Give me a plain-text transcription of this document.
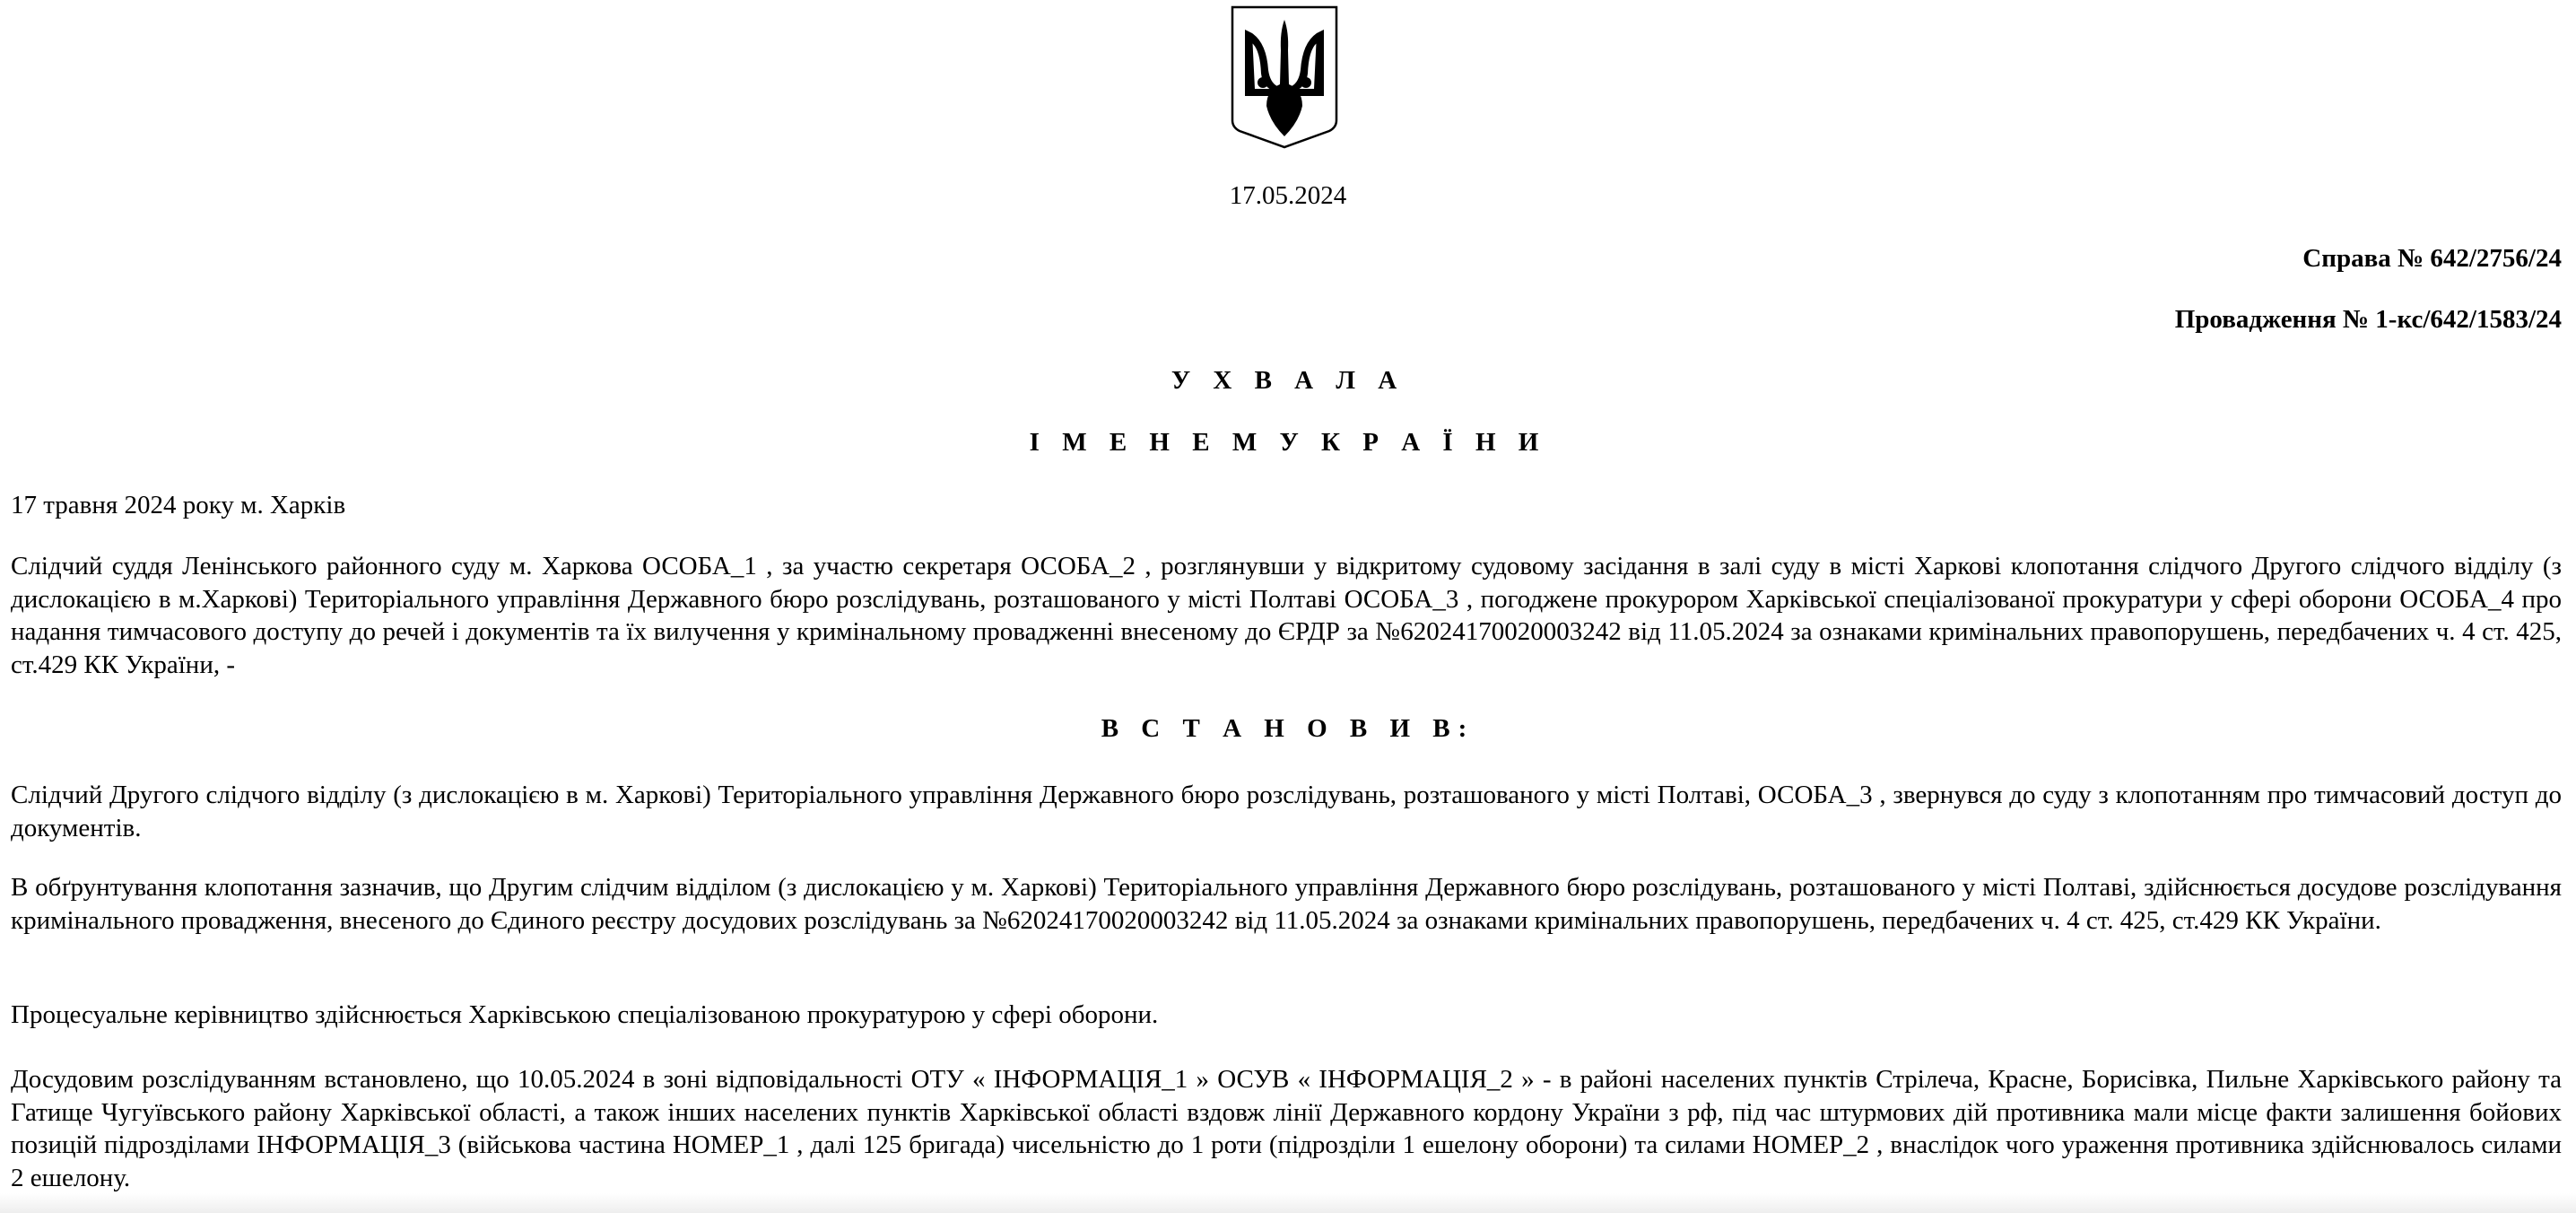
17.05.2024
Справа № 642/2756/24
Провадження № 1-кс/642/1583/24
У Х В А Л А
І М Е Н Е М У К Р А Ї Н И
17 травня 2024 року м. Харків

Слідчий суддя Ленінського районного суду м. Харкова ОСОБА_1 , за участю секретаря ОСОБА_2 , розглянувши у відкритому судовому засідання в залі суду в місті Харкові клопотання слідчого Другого слідчого відділу (з дислокацією в м.Харкові) Територіального управління Державного бюро розслідувань, розташованого у місті Полтаві ОСОБА_3 , погоджене прокурором Харківської спеціалізованої прокуратури у сфері оборони ОСОБА_4 про надання тимчасового доступу до речей і документів та їх вилучення у кримінальному провадженні внесеному до ЄРДР за №62024170020003242 від 11.05.2024 за ознаками кримінальних правопорушень, передбачених ч. 4 ст. 425, ст.429 КК України, -

В С Т А Н О В И В:

Слідчий Другого слідчого відділу (з дислокацією в м. Харкові) Територіального управління Державного бюро розслідувань, розташованого у місті Полтаві, ОСОБА_3 , звернувся до суду з клопотанням про тимчасовий доступ до документів.

В обґрунтування клопотання зазначив, що Другим слідчим відділом (з дислокацією у м. Харкові) Територіального управління Державного бюро розслідувань, розташованого у місті Полтаві, здійснюється досудове розслідування кримінального провадження, внесеного до Єдиного реєстру досудових розслідувань за №62024170020003242 від 11.05.2024 за ознаками кримінальних правопорушень, передбачених ч. 4 ст. 425, ст.429 КК України.

Процесуальне керівництво здійснюється Харківською спеціалізованою прокуратурою у сфері оборони.

Досудовим розслідуванням встановлено, що 10.05.2024 в зоні відповідальності ОТУ « ІНФОРМАЦІЯ_1 » ОСУВ « ІНФОРМАЦІЯ_2 » - в районі населених пунктів Стрілеча, Красне, Борисівка, Пильне Харківського району та Гатище Чугуївського району Харківської області, а також інших населених пунктів Харківської області вздовж лінії Державного кордону України з рф, під час штурмових дій противника мали місце факти залишення бойових позицій підрозділами ІНФОРМАЦІЯ_3 (військова частина НОМЕР_1 , далі 125 бригада) чисельністю до 1 роти (підрозділи 1 ешелону оборони) та силами НОМЕР_2 , внаслідок чого ураження противника здійснювалось силами 2 ешелону.
